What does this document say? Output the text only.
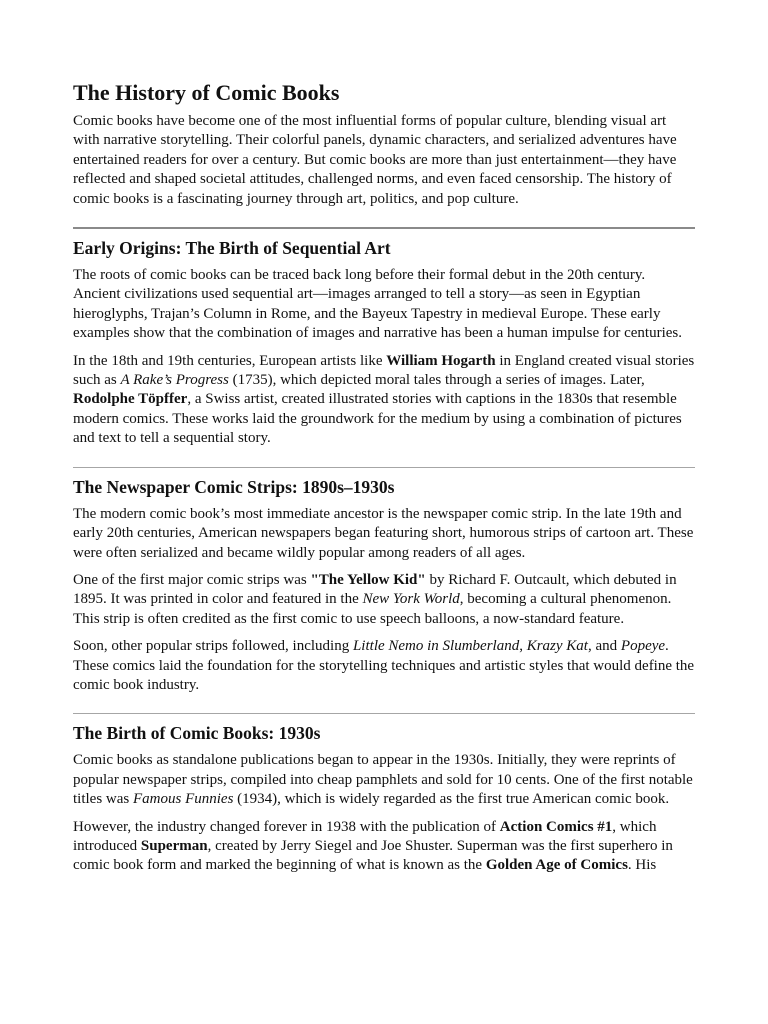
The History of Comic Books

Comic books have become one of the most influential forms of popular culture, blending visual art with narrative storytelling. Their colorful panels, dynamic characters, and serialized adventures have entertained readers for over a century. But comic books are more than just entertainment—they have reflected and shaped societal attitudes, challenged norms, and even faced censorship. The history of comic books is a fascinating journey through art, politics, and pop culture.

Early Origins: The Birth of Sequential Art

The roots of comic books can be traced back long before their formal debut in the 20th century. Ancient civilizations used sequential art—images arranged to tell a story—as seen in Egyptian hieroglyphs, Trajan’s Column in Rome, and the Bayeux Tapestry in medieval Europe. These early examples show that the combination of images and narrative has been a human impulse for centuries.

In the 18th and 19th centuries, European artists like William Hogarth in England created visual stories such as A Rake’s Progress (1735), which depicted moral tales through a series of images. Later, Rodolphe Töpffer, a Swiss artist, created illustrated stories with captions in the 1830s that resemble modern comics. These works laid the groundwork for the medium by using a combination of pictures and text to tell a sequential story.

The Newspaper Comic Strips: 1890s–1930s

The modern comic book’s most immediate ancestor is the newspaper comic strip. In the late 19th and early 20th centuries, American newspapers began featuring short, humorous strips of cartoon art. These were often serialized and became wildly popular among readers of all ages.

One of the first major comic strips was "The Yellow Kid" by Richard F. Outcault, which debuted in 1895. It was printed in color and featured in the New York World, becoming a cultural phenomenon. This strip is often credited as the first comic to use speech balloons, a now-standard feature.

Soon, other popular strips followed, including Little Nemo in Slumberland, Krazy Kat, and Popeye. These comics laid the foundation for the storytelling techniques and artistic styles that would define the comic book industry.

The Birth of Comic Books: 1930s

Comic books as standalone publications began to appear in the 1930s. Initially, they were reprints of popular newspaper strips, compiled into cheap pamphlets and sold for 10 cents. One of the first notable titles was Famous Funnies (1934), which is widely regarded as the first true American comic book.

However, the industry changed forever in 1938 with the publication of Action Comics #1, which introduced Superman, created by Jerry Siegel and Joe Shuster. Superman was the first superhero in comic book form and marked the beginning of what is known as the Golden Age of Comics. His
